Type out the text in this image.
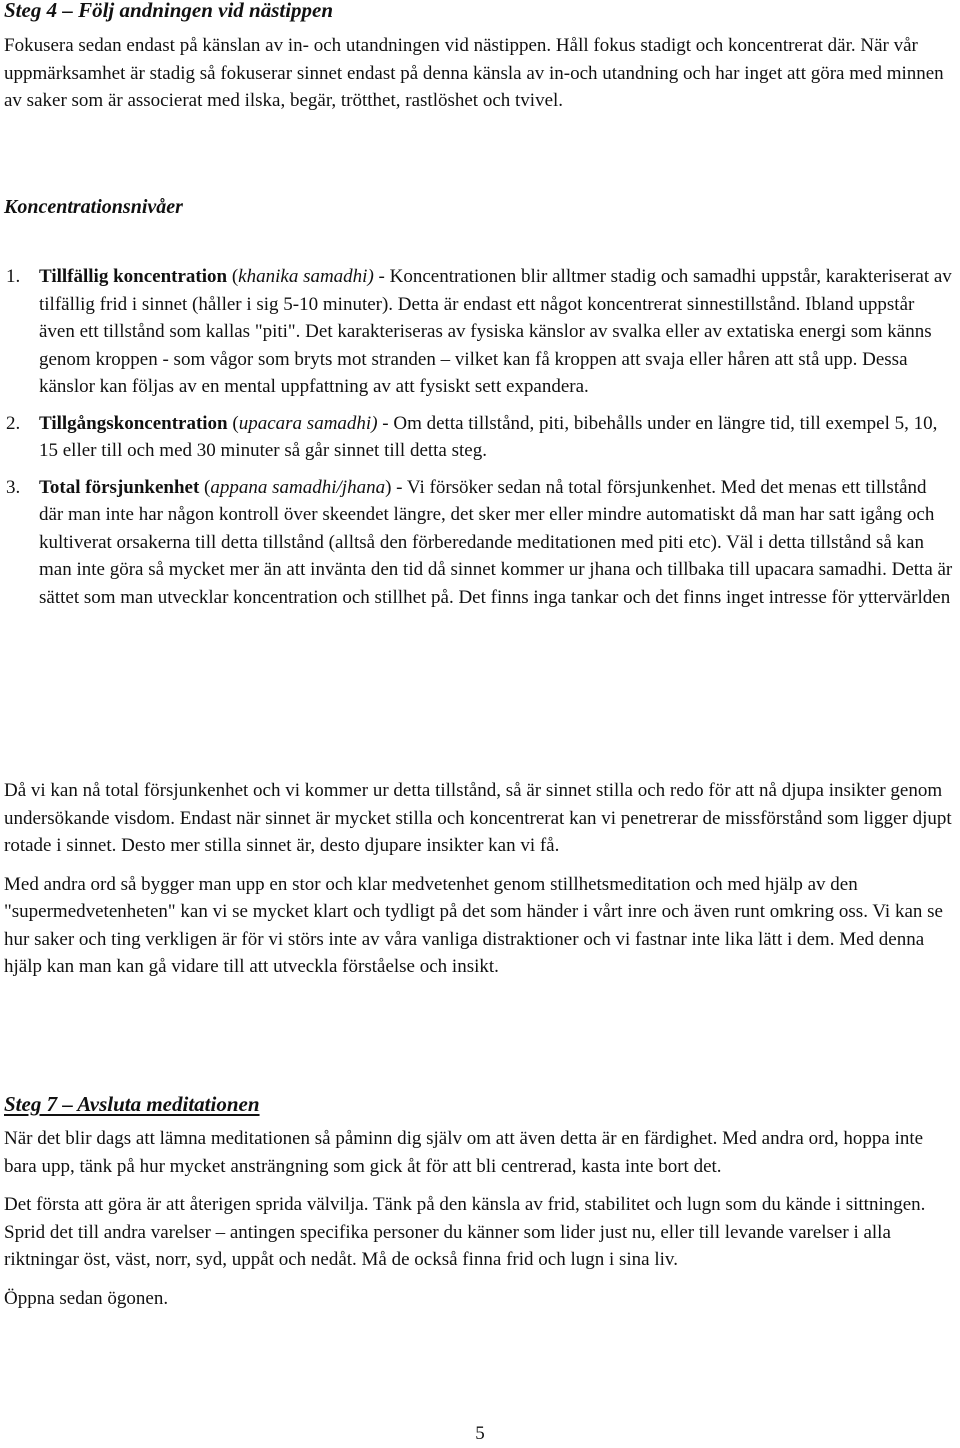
Steg 4 – Följ andningen vid nästippen

Fokusera sedan endast på känslan av in- och utandningen vid nästippen. Håll fokus stadigt och koncentrerat där. När vår uppmärksamhet är stadig så fokuserar sinnet endast på denna känsla av in-och utandning och har inget att göra med minnen av saker som är associerat med ilska, begär, trötthet, rastlöshet och tvivel.

Koncentrationsnivåer
1. Tillfällig koncentration (khanika samadhi) - Koncentrationen blir alltmer stadig och samadhi uppstår, karakteriserat av tilfällig frid i sinnet (håller i sig 5-10 minuter). Detta är endast ett något koncentrerat sinnestillstånd. Ibland uppstår även ett tillstånd som kallas "piti". Det karakteriseras av fysiska känslor av svalka eller av extatiska energi som känns genom kroppen - som vågor som bryts mot stranden – vilket kan få kroppen att svaja eller håren att stå upp. Dessa känslor kan följas av en mental uppfattning av att fysiskt sett expandera.
2. Tillgångskoncentration (upacara samadhi) - Om detta tillstånd, piti, bibehålls under en längre tid, till exempel 5, 10, 15 eller till och med 30 minuter så går sinnet till detta steg.
3. Total försjunkenhet (appana samadhi/jhana) - Vi försöker sedan nå total försjunkenhet. Med det menas ett tillstånd där man inte har någon kontroll över skeendet längre, det sker mer eller mindre automatiskt då man har satt igång och kultiverat orsakerna till detta tillstånd (alltså den förberedande meditationen med piti etc). Väl i detta tillstånd så kan man inte göra så mycket mer än att invänta den tid då sinnet kommer ur jhana och tillbaka till upacara samadhi. Detta är sättet som man utvecklar koncentration och stillhet på. Det finns inga tankar och det finns inget intresse för yttervärlden

Då vi kan nå total försjunkenhet och vi kommer ur detta tillstånd, så är sinnet stilla och redo för att nå djupa insikter genom undersökande visdom. Endast när sinnet är mycket stilla och koncentrerat kan vi penetrerar de missförstånd som ligger djupt rotade i sinnet. Desto mer stilla sinnet är, desto djupare insikter kan vi få.

Med andra ord så bygger man upp en stor och klar medvetenhet genom stillhetsmeditation och med hjälp av den "supermedvetenheten" kan vi se mycket klart och tydligt på det som händer i vårt inre och även runt omkring oss. Vi kan se hur saker och ting verkligen är för vi störs inte av våra vanliga distraktioner och vi fastnar inte lika lätt i dem. Med denna hjälp kan man kan gå vidare till att utveckla förståelse och insikt.

Steg 7 – Avsluta meditationen

När det blir dags att lämna meditationen så påminn dig själv om att även detta är en färdighet. Med andra ord, hoppa inte bara upp, tänk på hur mycket ansträngning som gick åt för att bli centrerad, kasta inte bort det.

Det första att göra är att återigen sprida välvilja. Tänk på den känsla av frid, stabilitet och lugn som du kände i sittningen. Sprid det till andra varelser – antingen specifika personer du känner som lider just nu, eller till levande varelser i alla riktningar öst, väst, norr, syd, uppåt och nedåt. Må de också finna frid och lugn i sina liv.

Öppna sedan ögonen.

5
